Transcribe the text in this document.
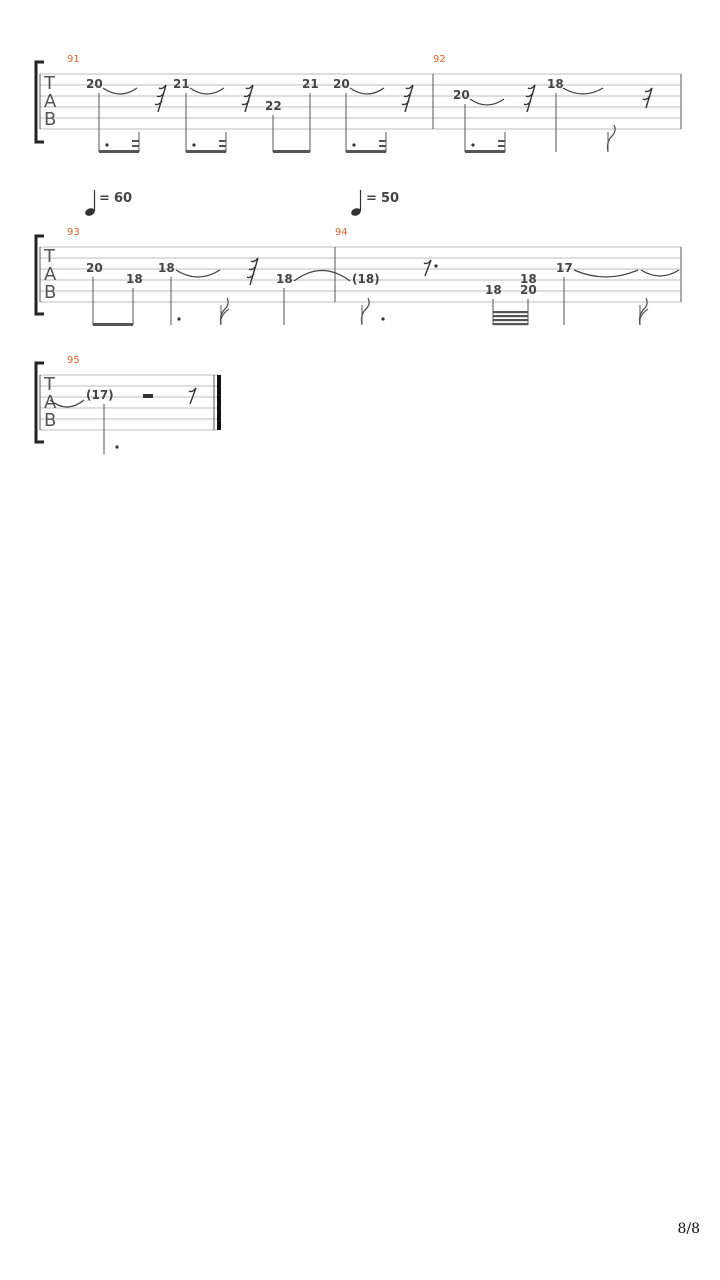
T
A
B
91	92
20	21
22
21 20
20
18
= 60	= 50
T
A
B
93	94
20
18
18
18	(18)
18
18
20
17
T
A
B
95
(17)
8/8
